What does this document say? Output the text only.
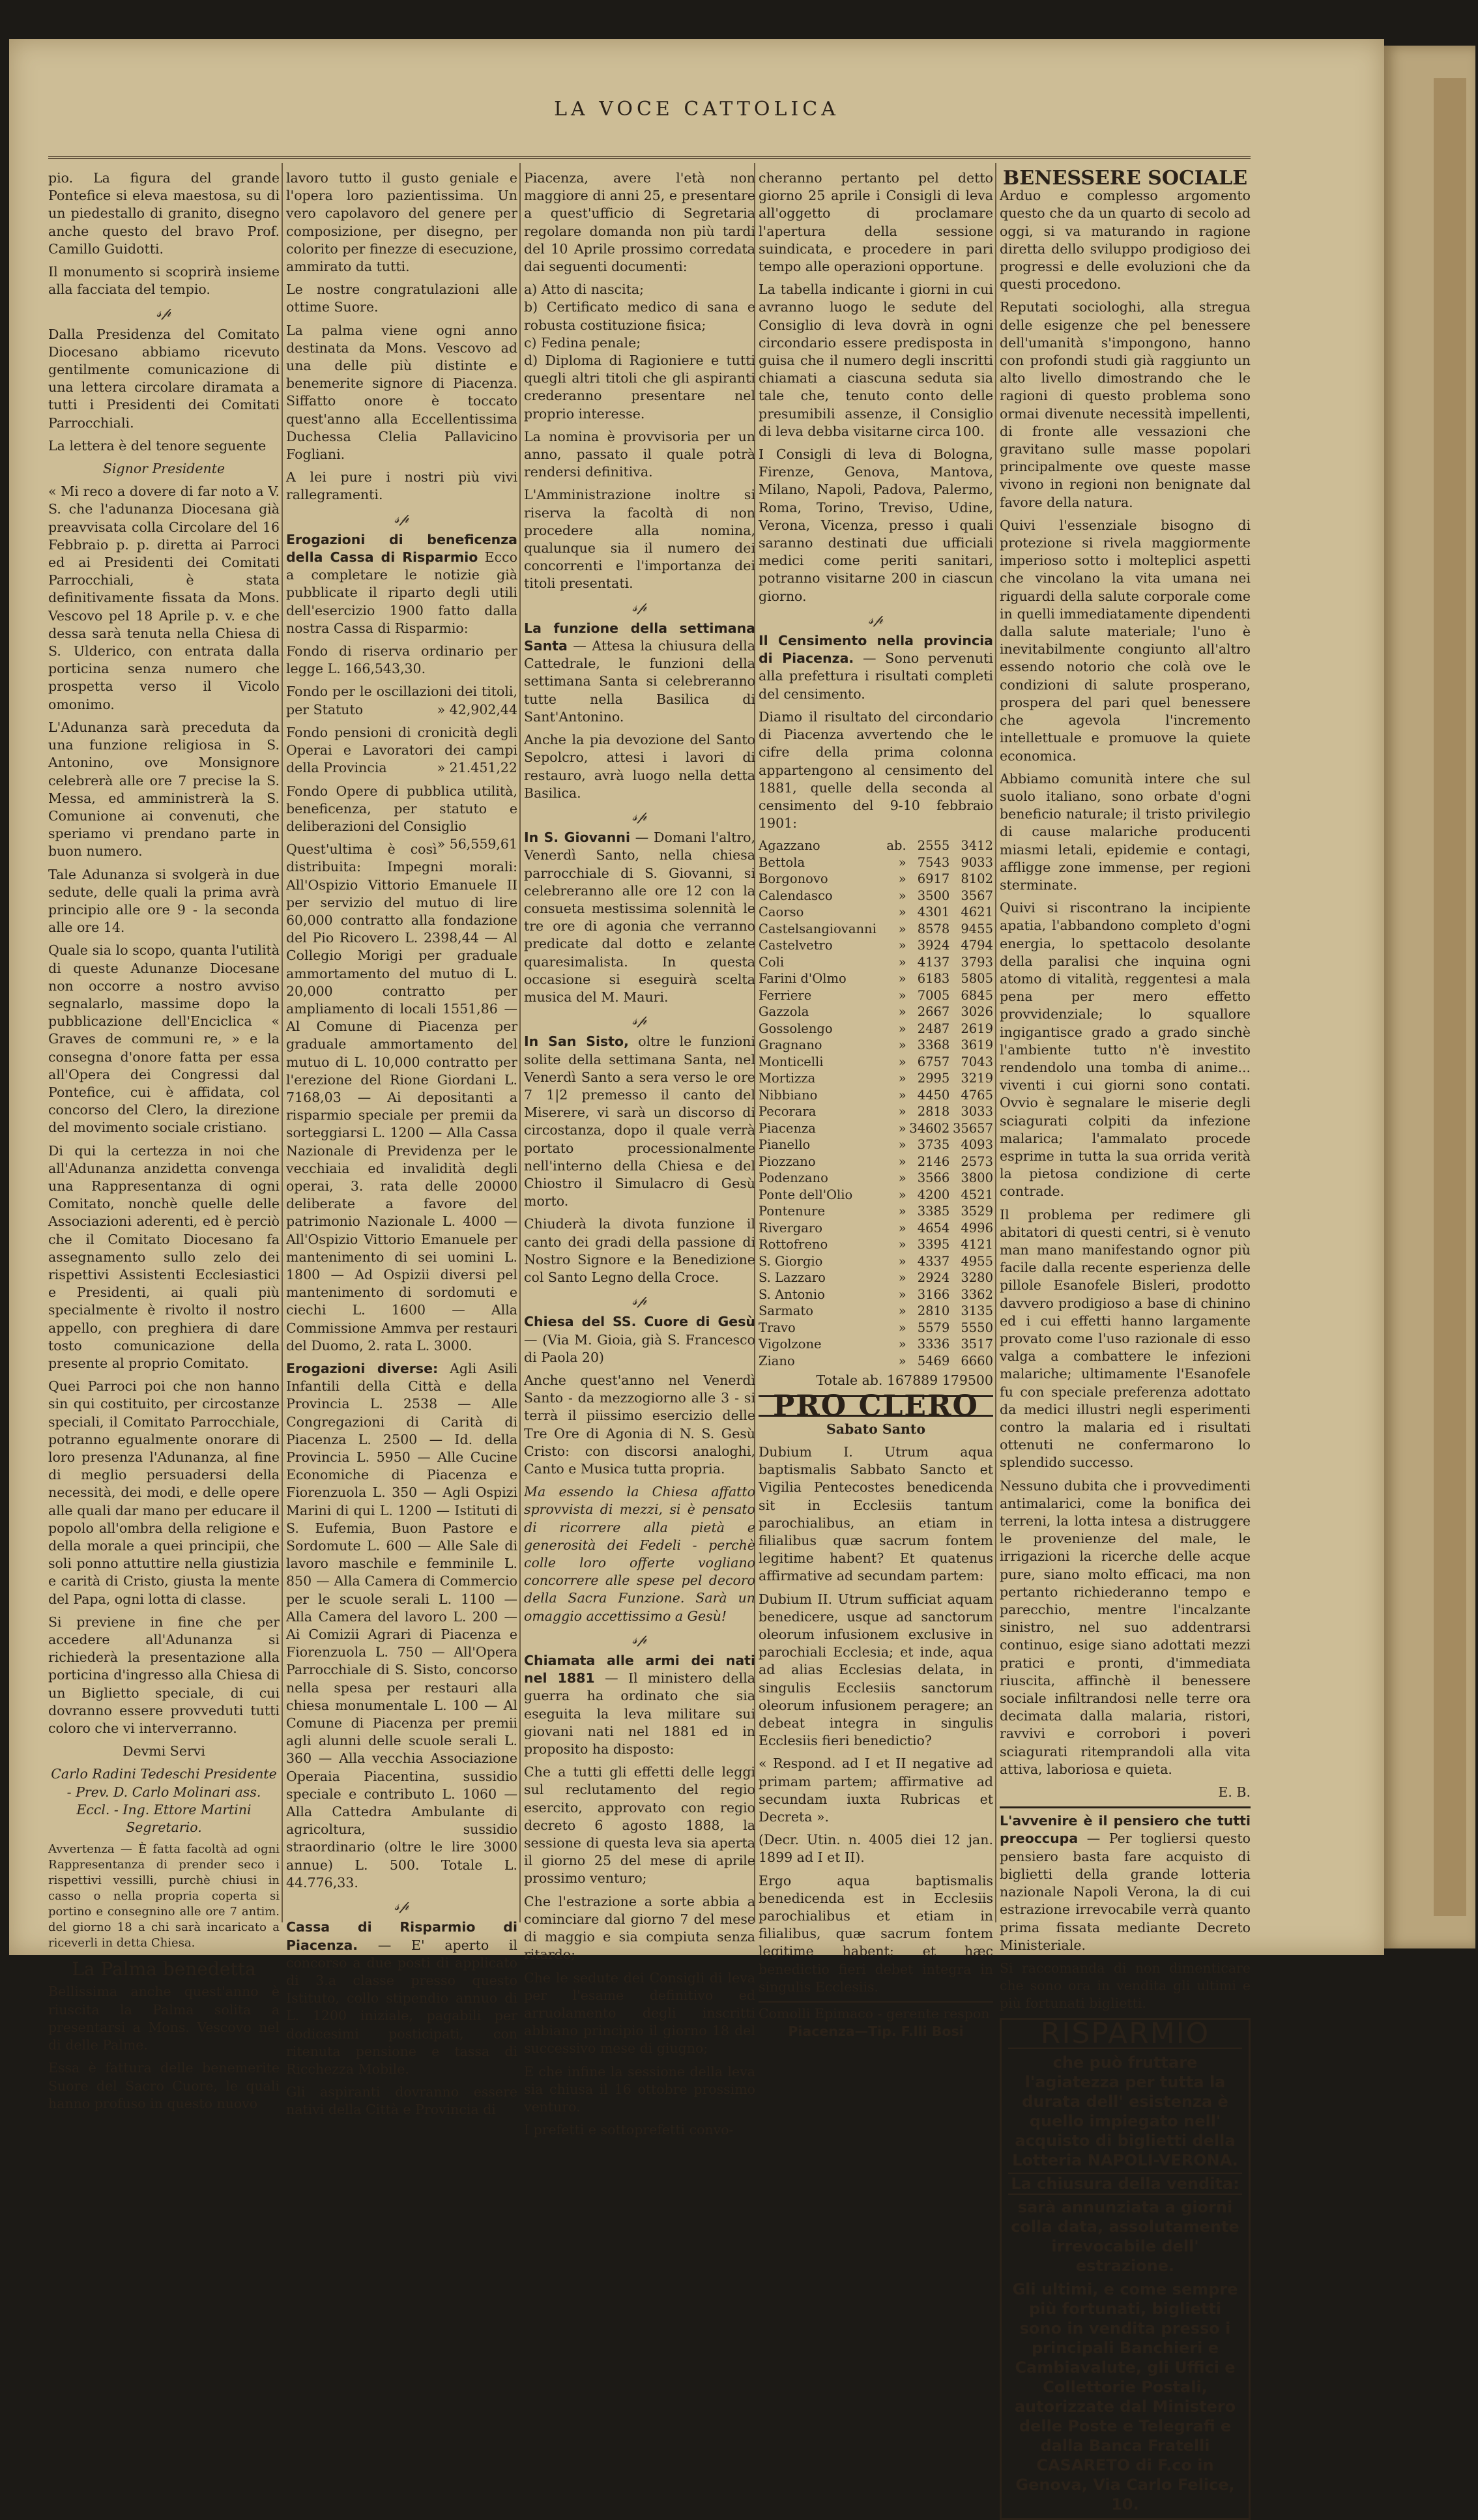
LA VOCE CATTOLICA

pio. La figura del grande Pontefice si eleva maestosa, su di un piedestallo di granito, disegno anche questo del bravo Prof. Camillo Guidotti.

Il monumento si scoprirà insieme alla facciata del tempio.

𝓈𝓅

Dalla Presidenza del Comitato Diocesano abbiamo ricevuto gentilmente comunicazione di una lettera circolare diramata a tutti i Presidenti dei Comitati Parrocchiali.

La lettera è del tenore seguente

Signor Presidente

« Mi reco a dovere di far noto a V. S. che l'adunanza Diocesana già preavvisata colla Circolare del 16 Febbraio p. p. diretta ai Parroci ed ai Presidenti dei Comitati Parrocchiali, è stata definitivamente fissata da Mons. Vescovo pel 18 Aprile p. v. e che dessa sarà tenuta nella Chiesa di S. Ulderico, con entrata dalla porticina senza numero che prospetta verso il Vicolo omonimo.

L'Adunanza sarà preceduta da una funzione religiosa in S. Antonino, ove Monsignore celebrerà alle ore 7 precise la S. Messa, ed amministrerà la S. Comunione ai convenuti, che speriamo vi prendano parte in buon numero.

Tale Adunanza si svolgerà in due sedute, delle quali la prima avrà principio alle ore 9 - la seconda alle ore 14.

Quale sia lo scopo, quanta l'utilità di queste Adunanze Diocesane non occorre a nostro avviso segnalarlo, massime dopo la pubblicazione dell'Enciclica « Graves de communi re, » e la consegna d'onore fatta per essa all'Opera dei Congressi dal Pontefice, cui è affidata, col concorso del Clero, la direzione del movimento sociale cristiano.

Di qui la certezza in noi che all'Adunanza anzidetta convenga una Rappresentanza di ogni Comitato, nonchè quelle delle Associazioni aderenti, ed è perciò che il Comitato Diocesano fa assegnamento sullo zelo dei rispettivi Assistenti Ecclesiastici e Presidenti, ai quali più specialmente è rivolto il nostro appello, con preghiera di dare tosto comunicazione della presente al proprio Comitato.

Quei Parroci poi che non hanno sin qui costituito, per circostanze speciali, il Comitato Parrocchiale, potranno egualmente onorare di loro presenza l'Adunanza, al fine di meglio persuadersi della necessità, dei modi, e delle opere alle quali dar mano per educare il popolo all'ombra della religione e della morale a quei principii, che soli ponno attuttire nella giustizia e carità di Cristo, giusta la mente del Papa, ogni lotta di classe.

Si previene in fine che per accedere all'Adunanza si richiederà la presentazione alla porticina d'ingresso alla Chiesa di un Biglietto speciale, di cui dovranno essere provveduti tutti coloro che vi interverranno.

Devmi Servi

Carlo Radini Tedeschi Presidente - Prev. D. Carlo Molinari ass. Eccl. - Ing. Ettore Martini Segretario.

Avvertenza — È fatta facoltà ad ogni Rappresentanza di prender seco i rispettivi vessilli, purchè chiusi in casso o nella propria coperta si portino e consegnino alle ore 7 antim. del giorno 18 a chi sarà incaricato a riceverli in detta Chiesa.

La Palma benedetta

Bellissima anche quest'anno è riuscita la Palma solita a presentarsi a Mons. Vescovo nel di delle Palme.

Essa è fattura delle benemerite Suore del Sacro Cuore, le quali hanno profuso in questo nuovo

lavoro tutto il gusto geniale e l'opera loro pazientissima. Un vero capolavoro del genere per composizione, per disegno, per colorito per finezze di esecuzione, ammirato da tutti.

Le nostre congratulazioni alle ottime Suore.

La palma viene ogni anno destinata da Mons. Vescovo ad una delle più distinte e benemerite signore di Piacenza. Siffatto onore è toccato quest'anno alla Eccellentissima Duchessa Clelia Pallavicino Fogliani.

A lei pure i nostri più vivi rallegramenti.

𝓈𝓅

Erogazioni di beneficenza della Cassa di Risparmio Ecco a completare le notizie già pubblicate il riparto degli utili dell'esercizio 1900 fatto dalla nostra Cassa di Risparmio:

Fondo di riserva ordinario per legge L. 166,543,30.

Fondo per le oscillazioni dei titoli, per Statuto	» 42,902,44

Fondo pensioni di cronicità degli Operai e Lavoratori dei campi della Provincia	» 21.451,22

Fondo Opere di pubblica utilità, beneficenza, per statuto e deliberazioni del Consiglio
» 56,559,61

Quest'ultima è così distribuita: Impegni morali: All'Ospizio Vittorio Emanuele II per servizio del mutuo di lire 60,000 contratto alla fondazione del Pio Ricovero L. 2398,44 — Al Collegio Morigi per graduale ammortamento del mutuo di L. 20,000 contratto per ampliamento di locali 1551,86 — Al Comune di Piacenza per graduale ammortamento del mutuo di L. 10,000 contratto per l'erezione del Rione Giordani L. 7168,03 — Ai depositanti a risparmio speciale per premii da sorteggiarsi L. 1200 — Alla Cassa Nazionale di Previdenza per le vecchiaia ed invalidità degli operai, 3. rata delle 20000 deliberate a favore del patrimonio Nazionale L. 4000 — All'Ospizio Vittorio Emanuele per mantenimento di sei uomini L. 1800 — Ad Ospizii diversi pel mantenimento di sordomuti e ciechi L. 1600 — Alla Commissione Ammva per restauri del Duomo, 2. rata L. 3000.

Erogazioni diverse: Agli Asili Infantili della Città e della Provincia L. 2538 — Alle Congregazioni di Carità di Piacenza L. 2500 — Id. della Provincia L. 5950 — Alle Cucine Economiche di Piacenza e Fiorenzuola L. 350 — Agli Ospizi Marini di qui L. 1200 — Istituti di S. Eufemia, Buon Pastore e Sordomute L. 600 — Alle Sale di lavoro maschile e femminile L. 850 — Alla Camera di Commercio per le scuole serali L. 1100 — Alla Camera del lavoro L. 200 — Ai Comizii Agrari di Piacenza e Fiorenzuola L. 750 — All'Opera Parrocchiale di S. Sisto, concorso nella spesa per restauri alla chiesa monumentale L. 100 — Al Comune di Piacenza per premii agli alunni delle scuole serali L. 360 — Alla vecchia Associazione Operaia Piacentina, sussidio speciale e contributo L. 1060 — Alla Cattedra Ambulante di agricoltura, sussidio straordinario (oltre le lire 3000 annue) L. 500. Totale L. 44.776,33.

𝓈𝓅

Cassa di Risparmio di Piacenza. — E' aperto il concorso a due posti di applicato di 3.a classe presso questo Istituto, collo stipendio annuo di L. 1200 iniziale, pagabili per dodicesimi posticipati, con ritenuta pensione e tassa di Ricchezza Mobile.

Gli aspiranti dovranno essere nativi della Città e Provincia di

Piacenza, avere l'età non maggiore di anni 25, e presentare a quest'ufficio di Segretaria regolare domanda non più tardi del 10 Aprile prossimo corredata dai seguenti documenti:

a) Atto di nascita;

b) Certificato medico di sana e robusta costituzione fisica;

c) Fedina penale;

d) Diploma di Ragioniere e tutti quegli altri titoli che gli aspiranti crederanno presentare nel proprio interesse.

La nomina è provvisoria per un anno, passato il quale potrà rendersi definitiva.

L'Amministrazione inoltre si riserva la facoltà di non procedere alla nomina, qualunque sia il numero dei concorrenti e l'importanza dei titoli presentati.

𝓈𝓅

La funzione della settimana Santa — Attesa la chiusura della Cattedrale, le funzioni della settimana Santa si celebreranno tutte nella Basilica di Sant'Antonino.

Anche la pia devozione del Santo Sepolcro, attesi i lavori di restauro, avrà luogo nella detta Basilica.

𝓈𝓅

In S. Giovanni — Domani l'altro, Venerdì Santo, nella chiesa parrocchiale di S. Giovanni, si celebreranno alle ore 12 con la consueta mestissima solennità le tre ore di agonia che verranno predicate dal dotto e zelante quaresimalista. In questa occasione si eseguirà scelta musica del M. Mauri.

𝓈𝓅

In San Sisto, oltre le funzioni solite della settimana Santa, nel Venerdì Santo a sera verso le ore 7 1|2 premesso il canto del Miserere, vi sarà un discorso di circostanza, dopo il quale verrà portato processionalmente nell'interno della Chiesa e del Chiostro il Simulacro di Gesù morto.

Chiuderà la divota funzione il canto dei gradi della passione di Nostro Signore e la Benedizione col Santo Legno della Croce.

𝓈𝓅

Chiesa del SS. Cuore di Gesù — (Via M. Gioia, già S. Francesco di Paola 20)

Anche quest'anno nel Venerdì Santo - da mezzogiorno alle 3 - si terrà il piissimo esercizio delle Tre Ore di Agonia di N. S. Gesù Cristo: con discorsi analoghi, Canto e Musica tutta propria.

Ma essendo la Chiesa affatto sprovvista di mezzi, si è pensato di ricorrere alla pietà e generosità dei Fedeli - perchè colle loro offerte vogliano concorrere alle spese pel decoro della Sacra Funzione. Sarà un omaggio accettissimo a Gesù!

𝓈𝓅

Chiamata alle armi dei nati nel 1881 — Il ministero della guerra ha ordinato che sia eseguita la leva militare sui giovani nati nel 1881 ed in proposito ha disposto:

Che a tutti gli effetti delle leggi sul reclutamento del regio esercito, approvato con regio decreto 6 agosto 1888, la sessione di questa leva sia aperta il giorno 25 del mese di aprile prossimo venturo;

Che l'estrazione a sorte abbia a cominciare dal giorno 7 del mese di maggio e sia compiuta senza ritardo;

Che le sedute dei Consigli di leva per l'esame definitivo ed arruolamento degli inscritti abbiano principio il giorno 18 del successivo mese di giugno;

E che infine la sessione della leva sia chiusa il 16 ottobre prossimo venturo.

I prefetti e sottoprefetti convo-

cheranno pertanto pel detto giorno 25 aprile i Consigli di leva all'oggetto di proclamare l'apertura della sessione suindicata, e procedere in pari tempo alle operazioni opportune.

La tabella indicante i giorni in cui avranno luogo le sedute del Consiglio di leva dovrà in ogni circondario essere predisposta in guisa che il numero degli inscritti chiamati a ciascuna seduta sia tale che, tenuto conto delle presumibili assenze, il Consiglio di leva debba visitarne circa 100.

I Consigli di leva di Bologna, Firenze, Genova, Mantova, Milano, Napoli, Padova, Palermo, Roma, Torino, Treviso, Udine, Verona, Vicenza, presso i quali saranno destinati due ufficiali medici come periti sanitari, potranno visitarne 200 in ciascun giorno.

𝓈𝓅

Il Censimento nella provincia di Piacenza. — Sono pervenuti alla prefettura i risultati completi del censimento.

Diamo il risultato del circondario di Piacenza avvertendo che le cifre della prima colonna appartengono al censimento del 1881, quelle della seconda al censimento del 9-10 febbraio 1901:

Agazzano	ab.	2555	3412
Bettola	»	7543	9033
Borgonovo	»	6917	8102
Calendasco	»	3500	3567
Caorso	»	4301	4621
Castelsangiovanni	»	8578	9455
Castelvetro	»	3924	4794
Coli	»	4137	3793
Farini d'Olmo	»	6183	5805
Ferriere	»	7005	6845
Gazzola	»	2667	3026
Gossolengo	»	2487	2619
Gragnano	»	3368	3619
Monticelli	»	6757	7043
Mortizza	»	2995	3219
Nibbiano	»	4450	4765
Pecorara	»	2818	3033
Piacenza	»	34602	35657
Pianello	»	3735	4093
Piozzano	»	2146	2573
Podenzano	»	3566	3800
Ponte dell'Olio	»	4200	4521
Pontenure	»	3385	3529
Rivergaro	»	4654	4996
Rottofreno	»	3395	4121
S. Giorgio	»	4337	4955
S. Lazzaro	»	2924	3280
S. Antonio	»	3166	3362
Sarmato	»	2810	3135
Travo	»	5579	5550
Vigolzone	»	3336	3517
Ziano	»	5469	6660

Totale ab. 167889 179500

PRO CLERO

Sabato Santo

Dubium I. Utrum aqua baptismalis Sabbato Sancto et Vigilia Pentecostes benedicenda sit in Ecclesiis tantum parochialibus, an etiam in filialibus quæ sacrum fontem legitime habent? Et quatenus affirmative ad secundam partem:

Dubium II. Utrum sufficiat aquam benedicere, usque ad sanctorum oleorum infusionem exclusive in parochiali Ecclesia; et inde, aqua ad alias Ecclesias delata, in singulis Ecclesiis sanctorum oleorum infusionem peragere; an debeat integra in singulis Ecclesiis fieri benedictio?

« Respond. ad I et II negative ad primam partem; affirmative ad secundam iuxta Rubricas et Decreta ».

(Decr. Utin. n. 4005 diei 12 jan. 1899 ad I et II).

Ergo aqua baptismalis benedicenda est in Ecclesiis parochialibus et etiam in filialibus, quæ sacrum fontem legitime habent; et hæc benedictio fieri debet integra in singulis Ecclesiis.

Comolli Epimaco - gerente respon

Piacenza—Tip. F.lli Bosi

BENESSERE SOCIALE

Arduo e complesso argomento questo che da un quarto di secolo ad oggi, si va maturando in ragione diretta dello sviluppo prodigioso dei progressi e delle evoluzioni che da questi procedono.

Reputati sociologhi, alla stregua delle esigenze che pel benessere dell'umanità s'impongono, hanno con profondi studi già raggiunto un alto livello dimostrando che le ragioni di questo problema sono ormai divenute necessità impellenti, di fronte alle vessazioni che gravitano sulle masse popolari principalmente ove queste masse vivono in regioni non benignate dal favore della natura.

Quivi l'essenziale bisogno di protezione si rivela maggiormente imperioso sotto i molteplici aspetti che vincolano la vita umana nei riguardi della salute corporale come in quelli immediatamente dipendenti dalla salute materiale; l'uno è inevitabilmente congiunto all'altro essendo notorio che colà ove le condizioni di salute prosperano, prospera del pari quel benessere che agevola l'incremento intellettuale e promuove la quiete economica.

Abbiamo comunità intere che sul suolo italiano, sono orbate d'ogni beneficio naturale; il tristo privilegio di cause malariche producenti miasmi letali, epidemie e contagi, affligge zone immense, per regioni sterminate.

Quivi si riscontrano la incipiente apatia, l'abbandono completo d'ogni energia, lo spettacolo desolante della paralisi che inquina ogni atomo di vitalità, reggentesi a mala pena per mero effetto provvidenziale; lo squallore ingigantisce grado a grado sinchè l'ambiente tutto n'è investito rendendolo una tomba di anime... viventi i cui giorni sono contati. Ovvio è segnalare le miserie degli sciagurati colpiti da infezione malarica; l'ammalato procede esprime in tutta la sua orrida verità la pietosa condizione di certe contrade.

Il problema per redimere gli abitatori di questi centri, si è venuto man mano manifestando ognor più facile dalla recente esperienza delle pillole Esanofele Bisleri, prodotto davvero prodigioso a base di chinino ed i cui effetti hanno largamente provato come l'uso razionale di esso valga a combattere le infezioni malariche; ultimamente l'Esanofele fu con speciale preferenza adottato da medici illustri negli esperimenti contro la malaria ed i risultati ottenuti ne confermarono lo splendido successo.

Nessuno dubita che i provvedimenti antimalarici, come la bonifica dei terreni, la lotta intesa a distruggere le provenienze del male, le irrigazioni la ricerche delle acque pure, siano molto efficaci, ma non pertanto richiederanno tempo e parecchio, mentre l'incalzante sinistro, nel suo addentrarsi continuo, esige siano adottati mezzi pratici e pronti, d'immediata riuscita, affinchè il benessere sociale infiltrandosi nelle terre ora decimata dalla malaria, ristori, ravvivi e corrobori i poveri sciagurati ritemprandoli alla vita attiva, laboriosa e quieta.

E. B.

L'avvenire è il pensiero che tutti preoccupa — Per togliersi questo pensiero basta fare acquisto di biglietti della grande lotteria nazionale Napoli Verona, la di cui estrazione irrevocabile verrà quanto prima fissata mediante Decreto Ministeriale.

Si raccomanda di non dimenticare che sono ora in vendita gli ultimi e più fortunati biglietti.

RISPARMIO
che può fruttare l'agiatezza per tutta la durata dell' esistenza è quello impiegato nell' acquisto di biglietti della Lotteria NAPOLI-VERONA.
La chiusura della vendita:
sarà annunziata a giorni colla data, assolutamente irrevocabile dell' estrazione.
Gli ultimi, e come sempre più fortunati, biglietti sono in vendita presso i principali Banchieri e Cambiavalute, gli Uffici e Collettorie Postali, autorizzate dal Ministero delle Poste e Telegrafi e dalla Banca Fratelli CASARETO di F.co in Genova, Via Carlo Felice, 10.
